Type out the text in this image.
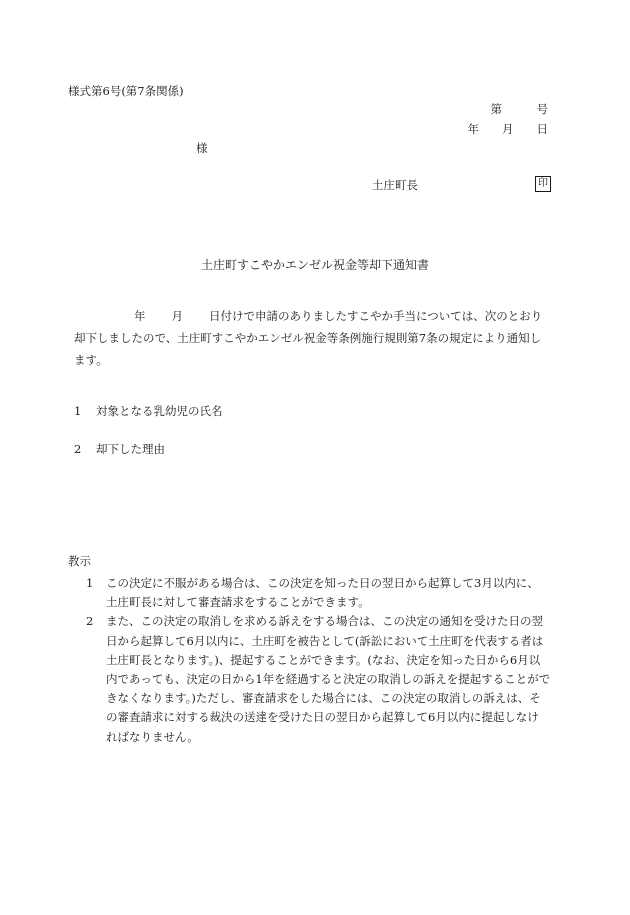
様式第6号(第7条関係)
第　　　号
年　　月　　日
様
土庄町長	印
土庄町すこやかエンゼル祝金等却下通知書
年 月 日付けで申請のありましたすこやか手当については、次のとおり
却下しましたので、土庄町すこやかエンゼル祝金等条例施行規則第7条の規定により通知し
ます。
1 対象となる乳幼児の氏名
2 却下した理由
教示
1 この決定に不服がある場合は、この決定を知った日の翌日から起算して3月以内に、
土庄町長に対して審査請求をすることができます。
2 また、この決定の取消しを求める訴えをする場合は、この決定の通知を受けた日の翌
日から起算して6月以内に、土庄町を被告として(訴訟において土庄町を代表する者は
土庄町長となります。)、提起することができます。(なお、決定を知った日から6月以
内であっても、決定の日から1年を経過すると決定の取消しの訴えを提起することがで
きなくなります。)ただし、審査請求をした場合には、この決定の取消しの訴えは、そ
の審査請求に対する裁決の送達を受けた日の翌日から起算して6月以内に提起しなけ
ればなりません。
